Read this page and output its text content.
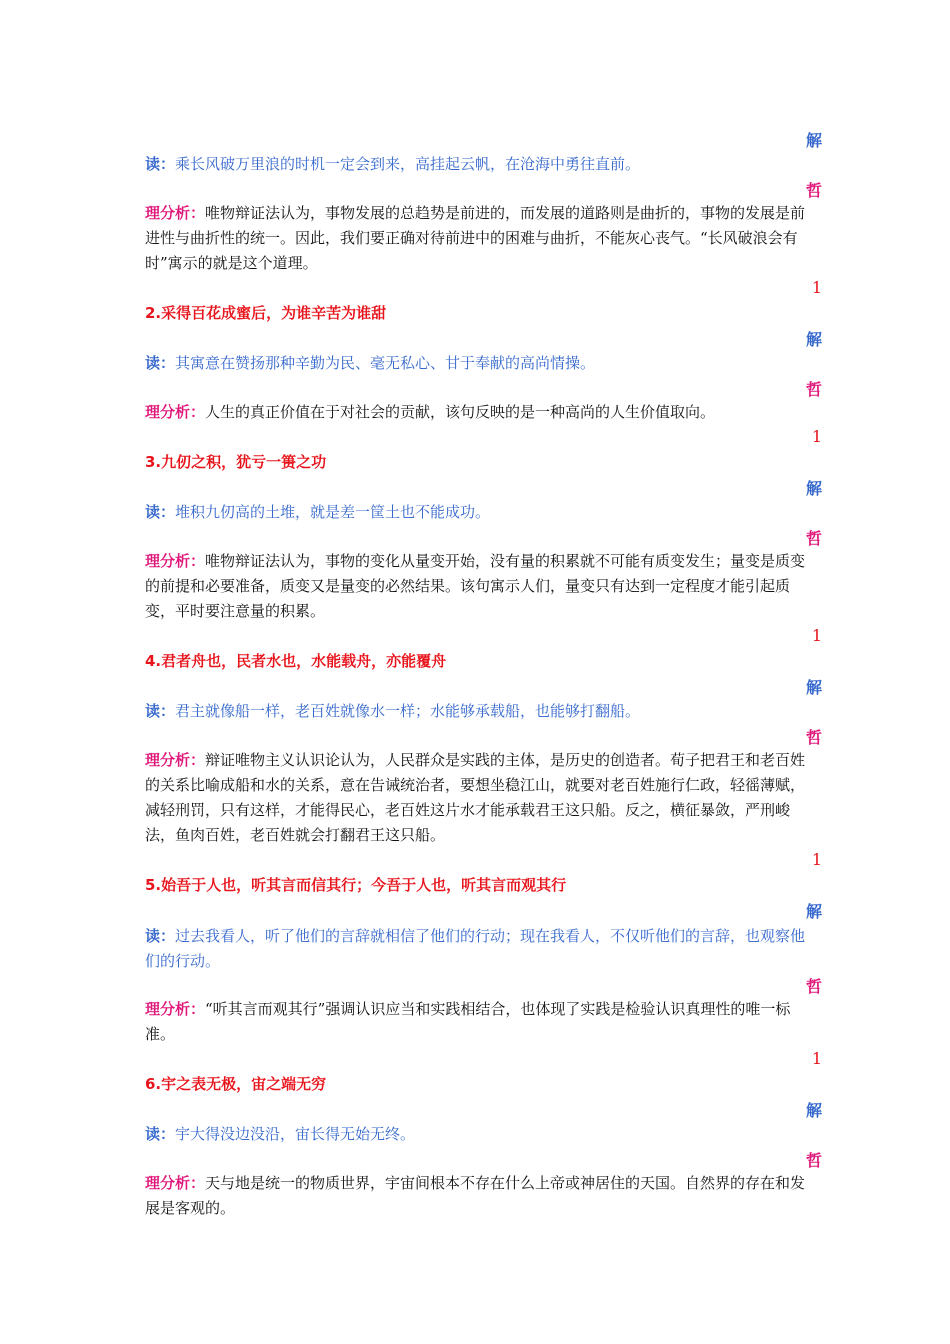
解
读：乘长风破万里浪的时机一定会到来，高挂起云帆，在沧海中勇往直前。
哲
理分析：唯物辩证法认为，事物发展的总趋势是前进的，而发展的道路则是曲折的，事物的发展是前进性与曲折性的统一。因此，我们要正确对待前进中的困难与曲折，不能灰心丧气。“长风破浪会有时”寓示的就是这个道理。
1
2.采得百花成蜜后，为谁辛苦为谁甜
解
读：其寓意在赞扬那种辛勤为民、毫无私心、甘于奉献的高尚情操。
哲
理分析：人生的真正价值在于对社会的贡献，该句反映的是一种高尚的人生价值取向。
1
3.九仞之积，犹亏一篑之功
解
读：堆积九仞高的土堆，就是差一筐土也不能成功。
哲
理分析：唯物辩证法认为，事物的变化从量变开始，没有量的积累就不可能有质变发生；量变是质变的前提和必要准备，质变又是量变的必然结果。该句寓示人们，量变只有达到一定程度才能引起质变，平时要注意量的积累。
1
4.君者舟也，民者水也，水能载舟，亦能覆舟
解
读：君主就像船一样，老百姓就像水一样；水能够承载船，也能够打翻船。
哲
理分析：辩证唯物主义认识论认为，人民群众是实践的主体，是历史的创造者。荀子把君王和老百姓的关系比喻成船和水的关系，意在告诫统治者，要想坐稳江山，就要对老百姓施行仁政，轻徭薄赋，减轻刑罚，只有这样，才能得民心，老百姓这片水才能承载君王这只船。反之，横征暴敛，严刑峻法，鱼肉百姓，老百姓就会打翻君王这只船。
1
5.始吾于人也，听其言而信其行；今吾于人也，听其言而观其行
解
读：过去我看人，听了他们的言辞就相信了他们的行动；现在我看人，不仅听他们的言辞，也观察他们的行动。
哲
理分析：“听其言而观其行”强调认识应当和实践相结合，也体现了实践是检验认识真理性的唯一标准。
1
6.宇之表无极，宙之端无穷
解
读：宇大得没边没沿，宙长得无始无终。
哲
理分析：天与地是统一的物质世界，宇宙间根本不存在什么上帝或神居住的天国。自然界的存在和发展是客观的。
